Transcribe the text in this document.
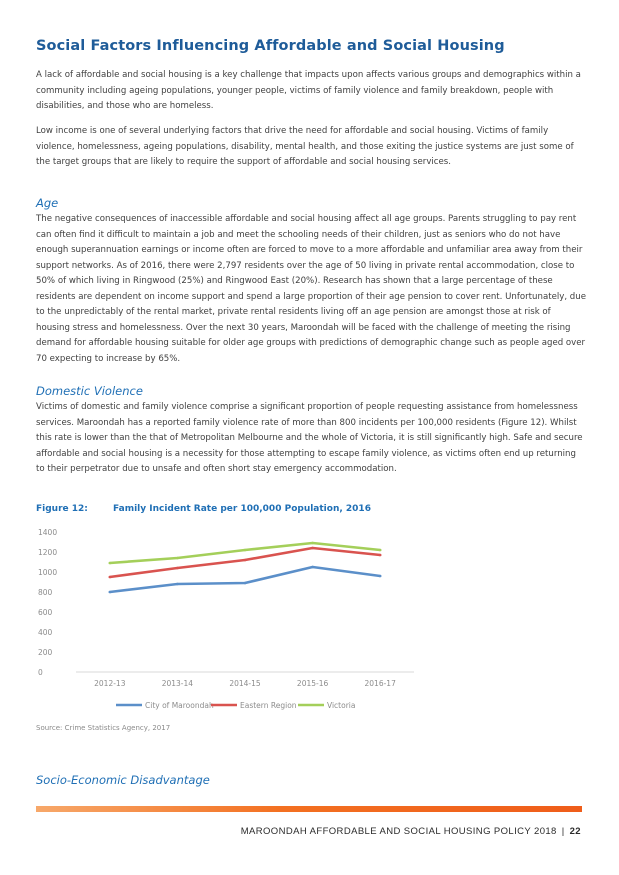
Social Factors Influencing Affordable and Social Housing

A lack of affordable and social housing is a key challenge that impacts upon affects various groups and demographics within a community including ageing populations, younger people, victims of family violence and family breakdown, people with disabilities, and those who are homeless.

Low income is one of several underlying factors that drive the need for affordable and social housing. Victims of family violence, homelessness, ageing populations, disability, mental health, and those exiting the justice systems are just some of the target groups that are likely to require the support of affordable and social housing services.

Age

The negative consequences of inaccessible affordable and social housing affect all age groups. Parents struggling to pay rent can often find it difficult to maintain a job and meet the schooling needs of their children, just as seniors who do not have enough superannuation earnings or income often are forced to move to a more affordable and unfamiliar area away from their support networks. As of 2016, there were 2,797 residents over the age of 50 living in private rental accommodation, close to 50% of which living in Ringwood (25%) and Ringwood East (20%). Research has shown that a large percentage of these residents are dependent on income support and spend a large proportion of their age pension to cover rent. Unfortunately, due to the unpredictably of the rental market, private rental residents living off an age pension are amongst those at risk of housing stress and homelessness. Over the next 30 years, Maroondah will be faced with the challenge of meeting the rising demand for affordable housing suitable for older age groups with predictions of demographic change such as people aged over 70 expecting to increase by 65%.

Domestic Violence

Victims of domestic and family violence comprise a significant proportion of people requesting assistance from homelessness services. Maroondah has a reported family violence rate of more than 800 incidents per 100,000 residents (Figure 12). Whilst this rate is lower than the that of Metropolitan Melbourne and the whole of Victoria, it is still significantly high. Safe and secure affordable and social housing is a necessity for those attempting to escape family violence, as victims often end up returning to their perpetrator due to unsafe and often short stay emergency accommodation.

Figure 12:	Family Incident Rate per 100,000 Population, 2016
0
200
400
600
800
1000
1200
1400
2012-13	2013-14	2014-15	2015-16	2016-17
City of Maroondah	Eastern Region	Victoria
Source: Crime Statistics Agency, 2017
Socio-Economic Disadvantage
MAROONDAH AFFORDABLE AND SOCIAL HOUSING POLICY 2018 | 22
